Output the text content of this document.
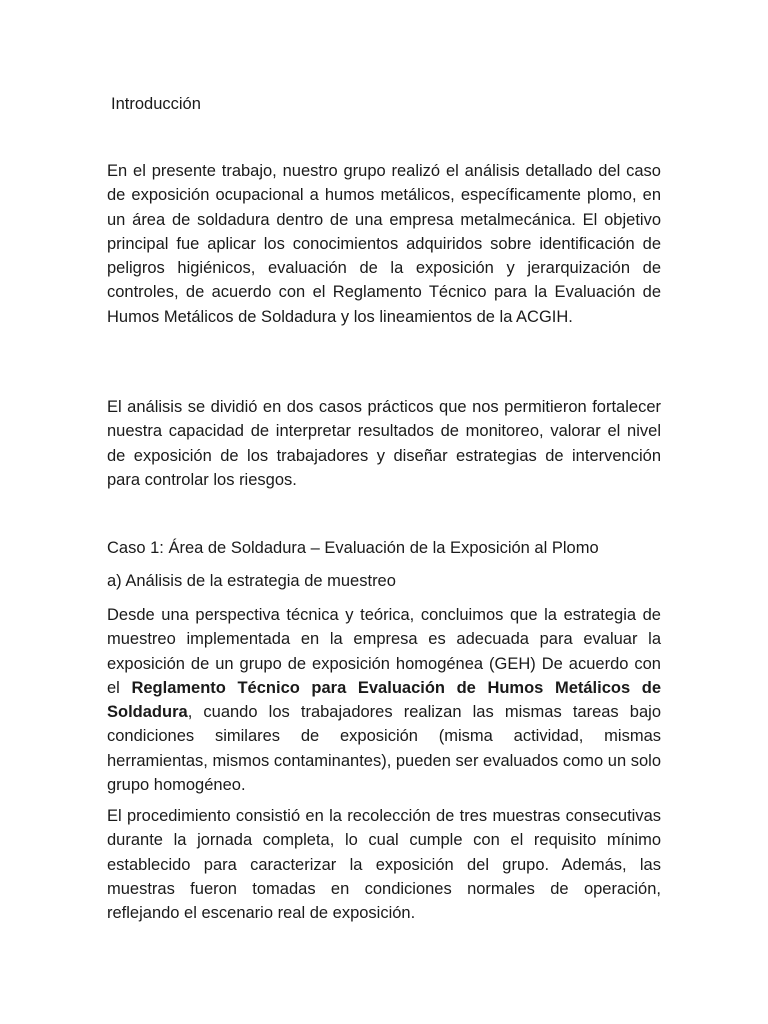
Introducción

En el presente trabajo, nuestro grupo realizó el análisis detallado del caso de exposición ocupacional a humos metálicos, específicamente plomo, en un área de soldadura dentro de una empresa metalmecánica. El objetivo principal fue aplicar los conocimientos adquiridos sobre identificación de peligros higiénicos, evaluación de la exposición y jerarquización de controles, de acuerdo con el Reglamento Técnico para la Evaluación de Humos Metálicos de Soldadura y los lineamientos de la ACGIH.

El análisis se dividió en dos casos prácticos que nos permitieron fortalecer nuestra capacidad de interpretar resultados de monitoreo, valorar el nivel de exposición de los trabajadores y diseñar estrategias de intervención para controlar los riesgos.

Caso 1: Área de Soldadura – Evaluación de la Exposición al Plomo

a) Análisis de la estrategia de muestreo

Desde una perspectiva técnica y teórica, concluimos que la estrategia de muestreo implementada en la empresa es adecuada para evaluar la exposición de un grupo de exposición homogénea (GEH) De acuerdo con el Reglamento Técnico para Evaluación de Humos Metálicos de Soldadura, cuando los trabajadores realizan las mismas tareas bajo condiciones similares de exposición (misma actividad, mismas herramientas, mismos contaminantes), pueden ser evaluados como un solo grupo homogéneo.

El procedimiento consistió en la recolección de tres muestras consecutivas durante la jornada completa, lo cual cumple con el requisito mínimo establecido para caracterizar la exposición del grupo. Además, las muestras fueron tomadas en condiciones normales de operación, reflejando el escenario real de exposición.
